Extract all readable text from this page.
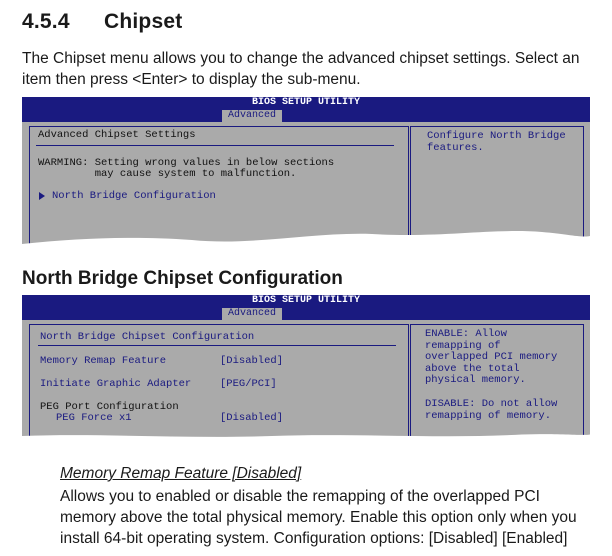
4.5.4 Chipset
The Chipset menu allows you to change the advanced chipset settings. Select an item then press <Enter> to display the sub-menu.
BIOS SETUP UTILITY
Advanced
Advanced Chipset Settings
WARMING: Setting wrong values in below sections
may cause system to malfunction.
North Bridge Configuration
Configure North Bridge
features.
North Bridge Chipset Configuration
BIOS SETUP UTILITY
Advanced
North Bridge Chipset Configuration
Memory Remap Feature	[Disabled]
Initiate Graphic Adapter	[PEG/PCI]
PEG Port Configuration
PEG Force x1	[Disabled]
ENABLE: Allow
remapping of
overlapped PCI memory
above the total
physical memory.
DISABLE: Do not allow
remapping of memory.
Memory Remap Feature [Disabled]
Allows you to enabled or disable the remapping of the overlapped PCI memory above the total physical memory. Enable this option only when you install 64-bit operating system. Configuration options: [Disabled] [Enabled]
